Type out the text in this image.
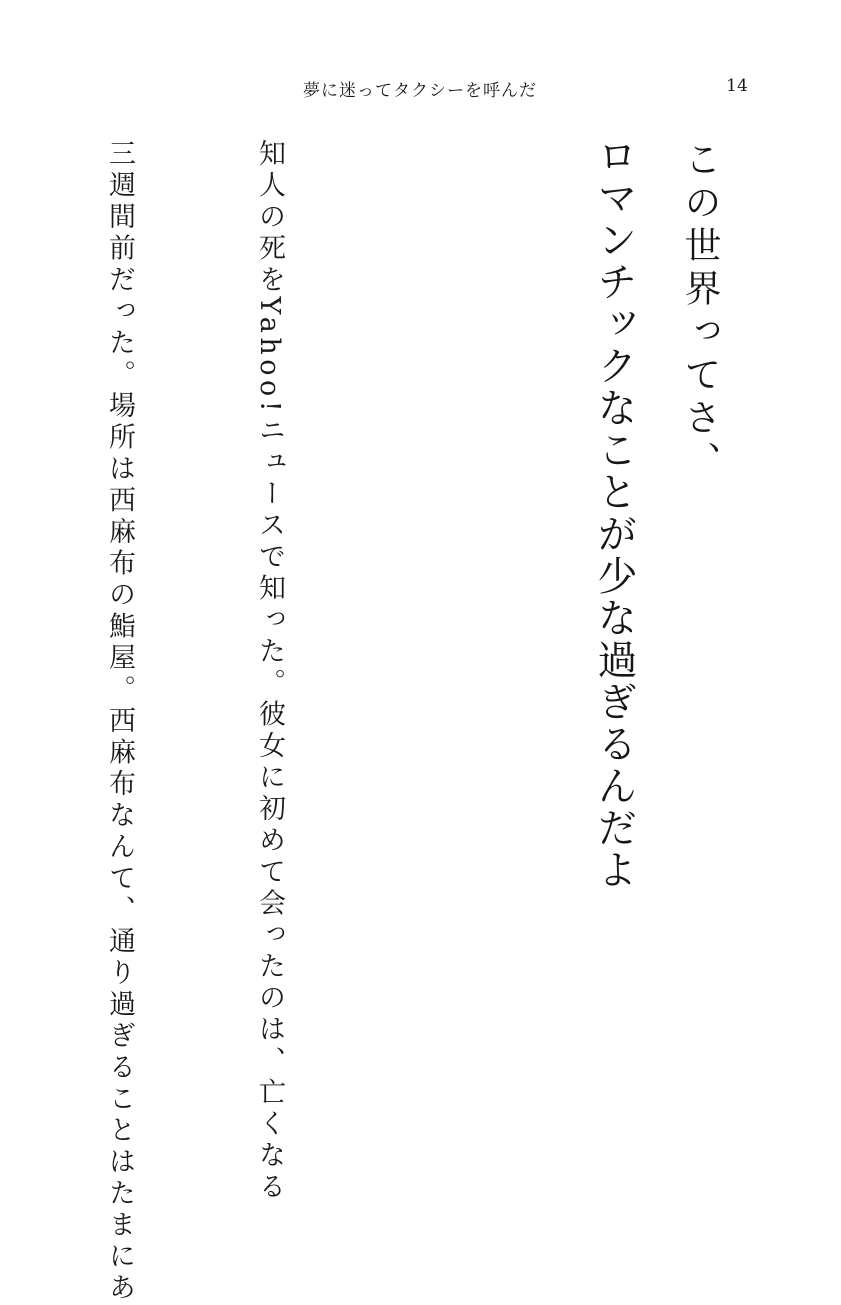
夢に迷ってタクシーを呼んだ	14
この世界ってさ、
ロマンチックなことが少な過ぎるんだよ

知人の死をYahoo!ニュースで知った。彼女に初めて会ったのは、亡くなる

三週間前だった。場所は西麻布の鮨屋。西麻布なんて、通り過ぎることはたまにあ
